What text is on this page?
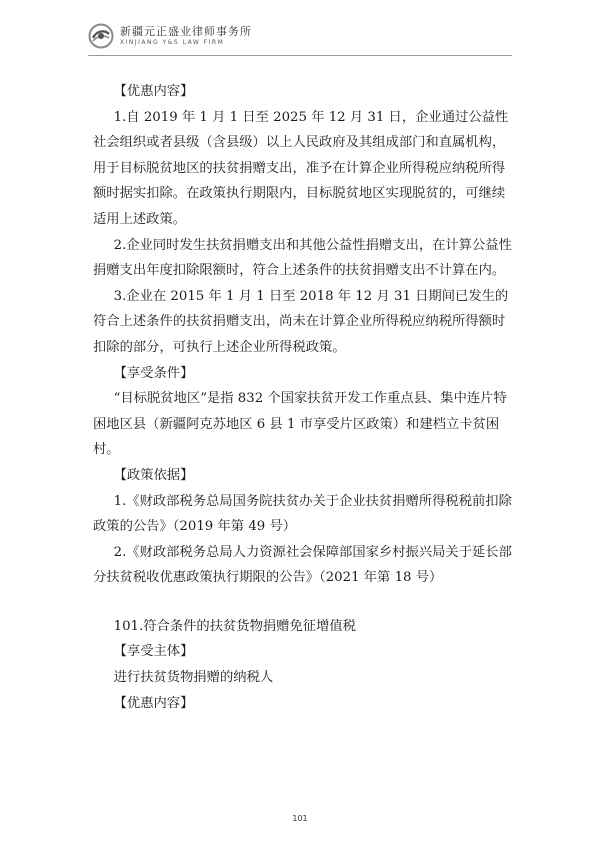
新疆元正盛业律师事务所
XINJIANG Y&S LAW FIRM

【优惠内容】

1.自 2019 年 1 月 1 日至 2025 年 12 月 31 日，企业通过公益性社会组织或者县级（含县级）以上人民政府及其组成部门和直属机构，用于目标脱贫地区的扶贫捐赠支出，准予在计算企业所得税应纳税所得额时据实扣除。在政策执行期限内，目标脱贫地区实现脱贫的，可继续适用上述政策。

2.企业同时发生扶贫捐赠支出和其他公益性捐赠支出，在计算公益性捐赠支出年度扣除限额时，符合上述条件的扶贫捐赠支出不计算在内。

3.企业在 2015 年 1 月 1 日至 2018 年 12 月 31 日期间已发生的符合上述条件的扶贫捐赠支出，尚未在计算企业所得税应纳税所得额时扣除的部分，可执行上述企业所得税政策。

【享受条件】

“目标脱贫地区”是指 832 个国家扶贫开发工作重点县、集中连片特困地区县（新疆阿克苏地区 6 县 1 市享受片区政策）和建档立卡贫困村。

【政策依据】

1.《财政部税务总局国务院扶贫办关于企业扶贫捐赠所得税税前扣除政策的公告》（2019 年第 49 号）

2.《财政部税务总局人力资源社会保障部国家乡村振兴局关于延长部分扶贫税收优惠政策执行期限的公告》（2021 年第 18 号）

101.符合条件的扶贫货物捐赠免征增值税

【享受主体】

进行扶贫货物捐赠的纳税人

【优惠内容】

101
